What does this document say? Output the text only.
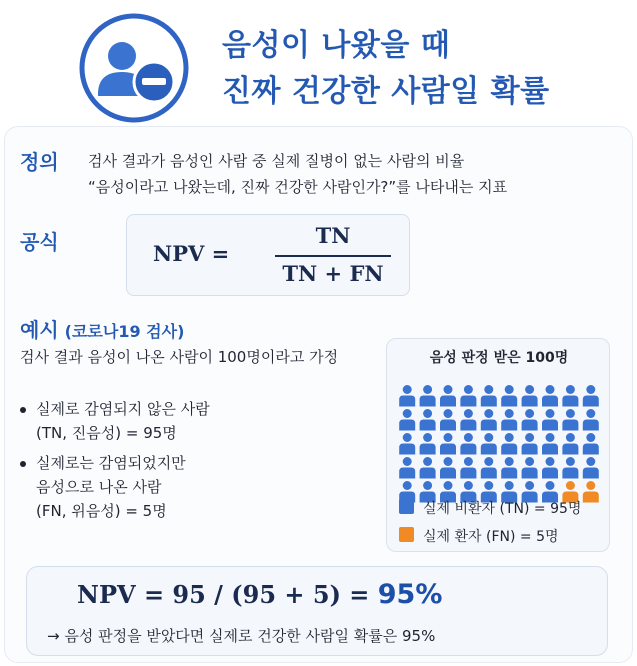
음성이 나왔을 때
진짜 건강한 사람일 확률
정의 검사 결과가 음성인 사람 중 실제 질병이 없는 사람의 비율
“음성이라고 나왔는데, 진짜 건강한 사람인가?”를 나타내는 지표
공식	NPV =
TN
TN + FN
예시 (코로나19 검사)
검사 결과 음성이 나온 사람이 100명이라고 가정
실제로 감염되지 않은 사람
(TN, 진음성) = 95명
실제로는 감염되었지만
음성으로 나온 사람
(FN, 위음성) = 5명
음성 판정 받은 100명
실제 비환자 (TN) = 95명
실제 환자 (FN) = 5명
NPV = 95 / (95 + 5) = 95%
→ 음성 판정을 받았다면 실제로 건강한 사람일 확률은 95%
